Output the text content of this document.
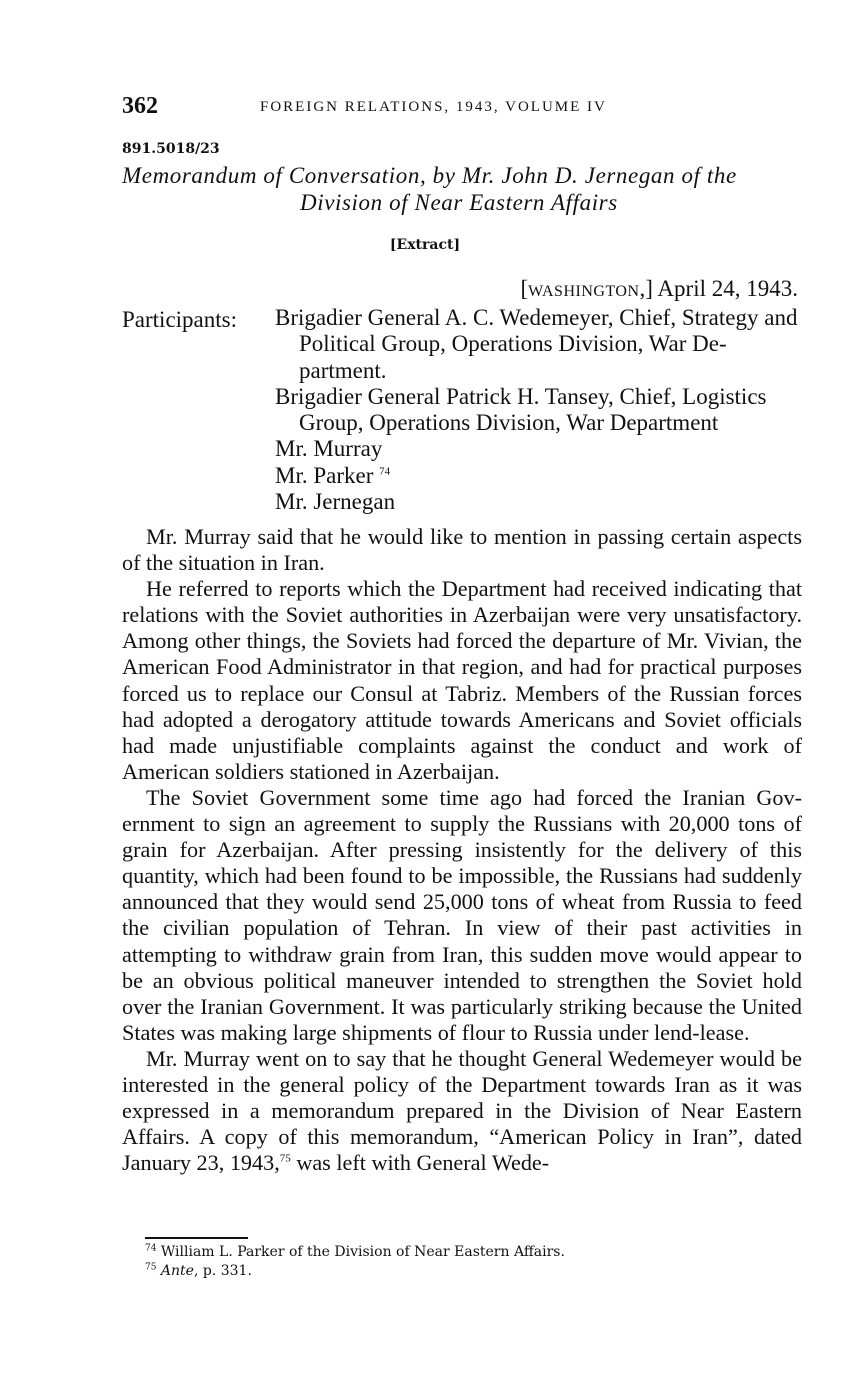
362	FOREIGN RELATIONS, 1943, VOLUME IV
891.5018/23
Memorandum of Conversation, by Mr. John D. Jernegan of the
Division of Near Eastern Affairs
[Extract]
[WASHINGTON,] April 24, 1943.
Participants: Brigadier General A. C. Wedemeyer, Chief, Strategy and Political Group, Operations Division, War Department.
Brigadier General Patrick H. Tansey, Chief, Logistics Group, Operations Division, War Department
Mr. Murray
Mr. Parker $^{74}$
Mr. Jernegan

Mr. Murray said that he would like to mention in passing certain aspects of the situation in Iran.

He referred to reports which the Department had received indicating that relations with the Soviet authorities in Azerbaijan were very unsatisfactory. Among other things, the Soviets had forced the departure of Mr. Vivian, the American Food Administrator in that region, and had for practical purposes forced us to replace our Consul at Tabriz. Members of the Russian forces had adopted a derogatory attitude towards Americans and Soviet officials had made unjustifiable complaints against the conduct and work of American soldiers stationed in Azerbaijan.

The Soviet Government some time ago had forced the Iranian Government to sign an agreement to supply the Russians with 20,000 tons of grain for Azerbaijan. After pressing insistently for the delivery of this quantity, which had been found to be impossible, the Russians had suddenly announced that they would send 25,000 tons of wheat from Russia to feed the civilian population of Tehran. In view of their past activities in attempting to withdraw grain from Iran, this sudden move would appear to be an obvious political maneuver intended to strengthen the Soviet hold over the Iranian Government. It was particularly striking because the United States was making large shipments of flour to Russia under lend-lease.

Mr. Murray went on to say that he thought General Wedemeyer would be interested in the general policy of the Department towards Iran as it was expressed in a memorandum prepared in the Division of Near Eastern Affairs. A copy of this memorandum, “American Policy in Iran”, dated January 23, 1943,75 was left with General Wede-

$^{74}$ William L. Parker of the Division of Near Eastern Affairs.
$^{75}$ Ante, p. 331.
